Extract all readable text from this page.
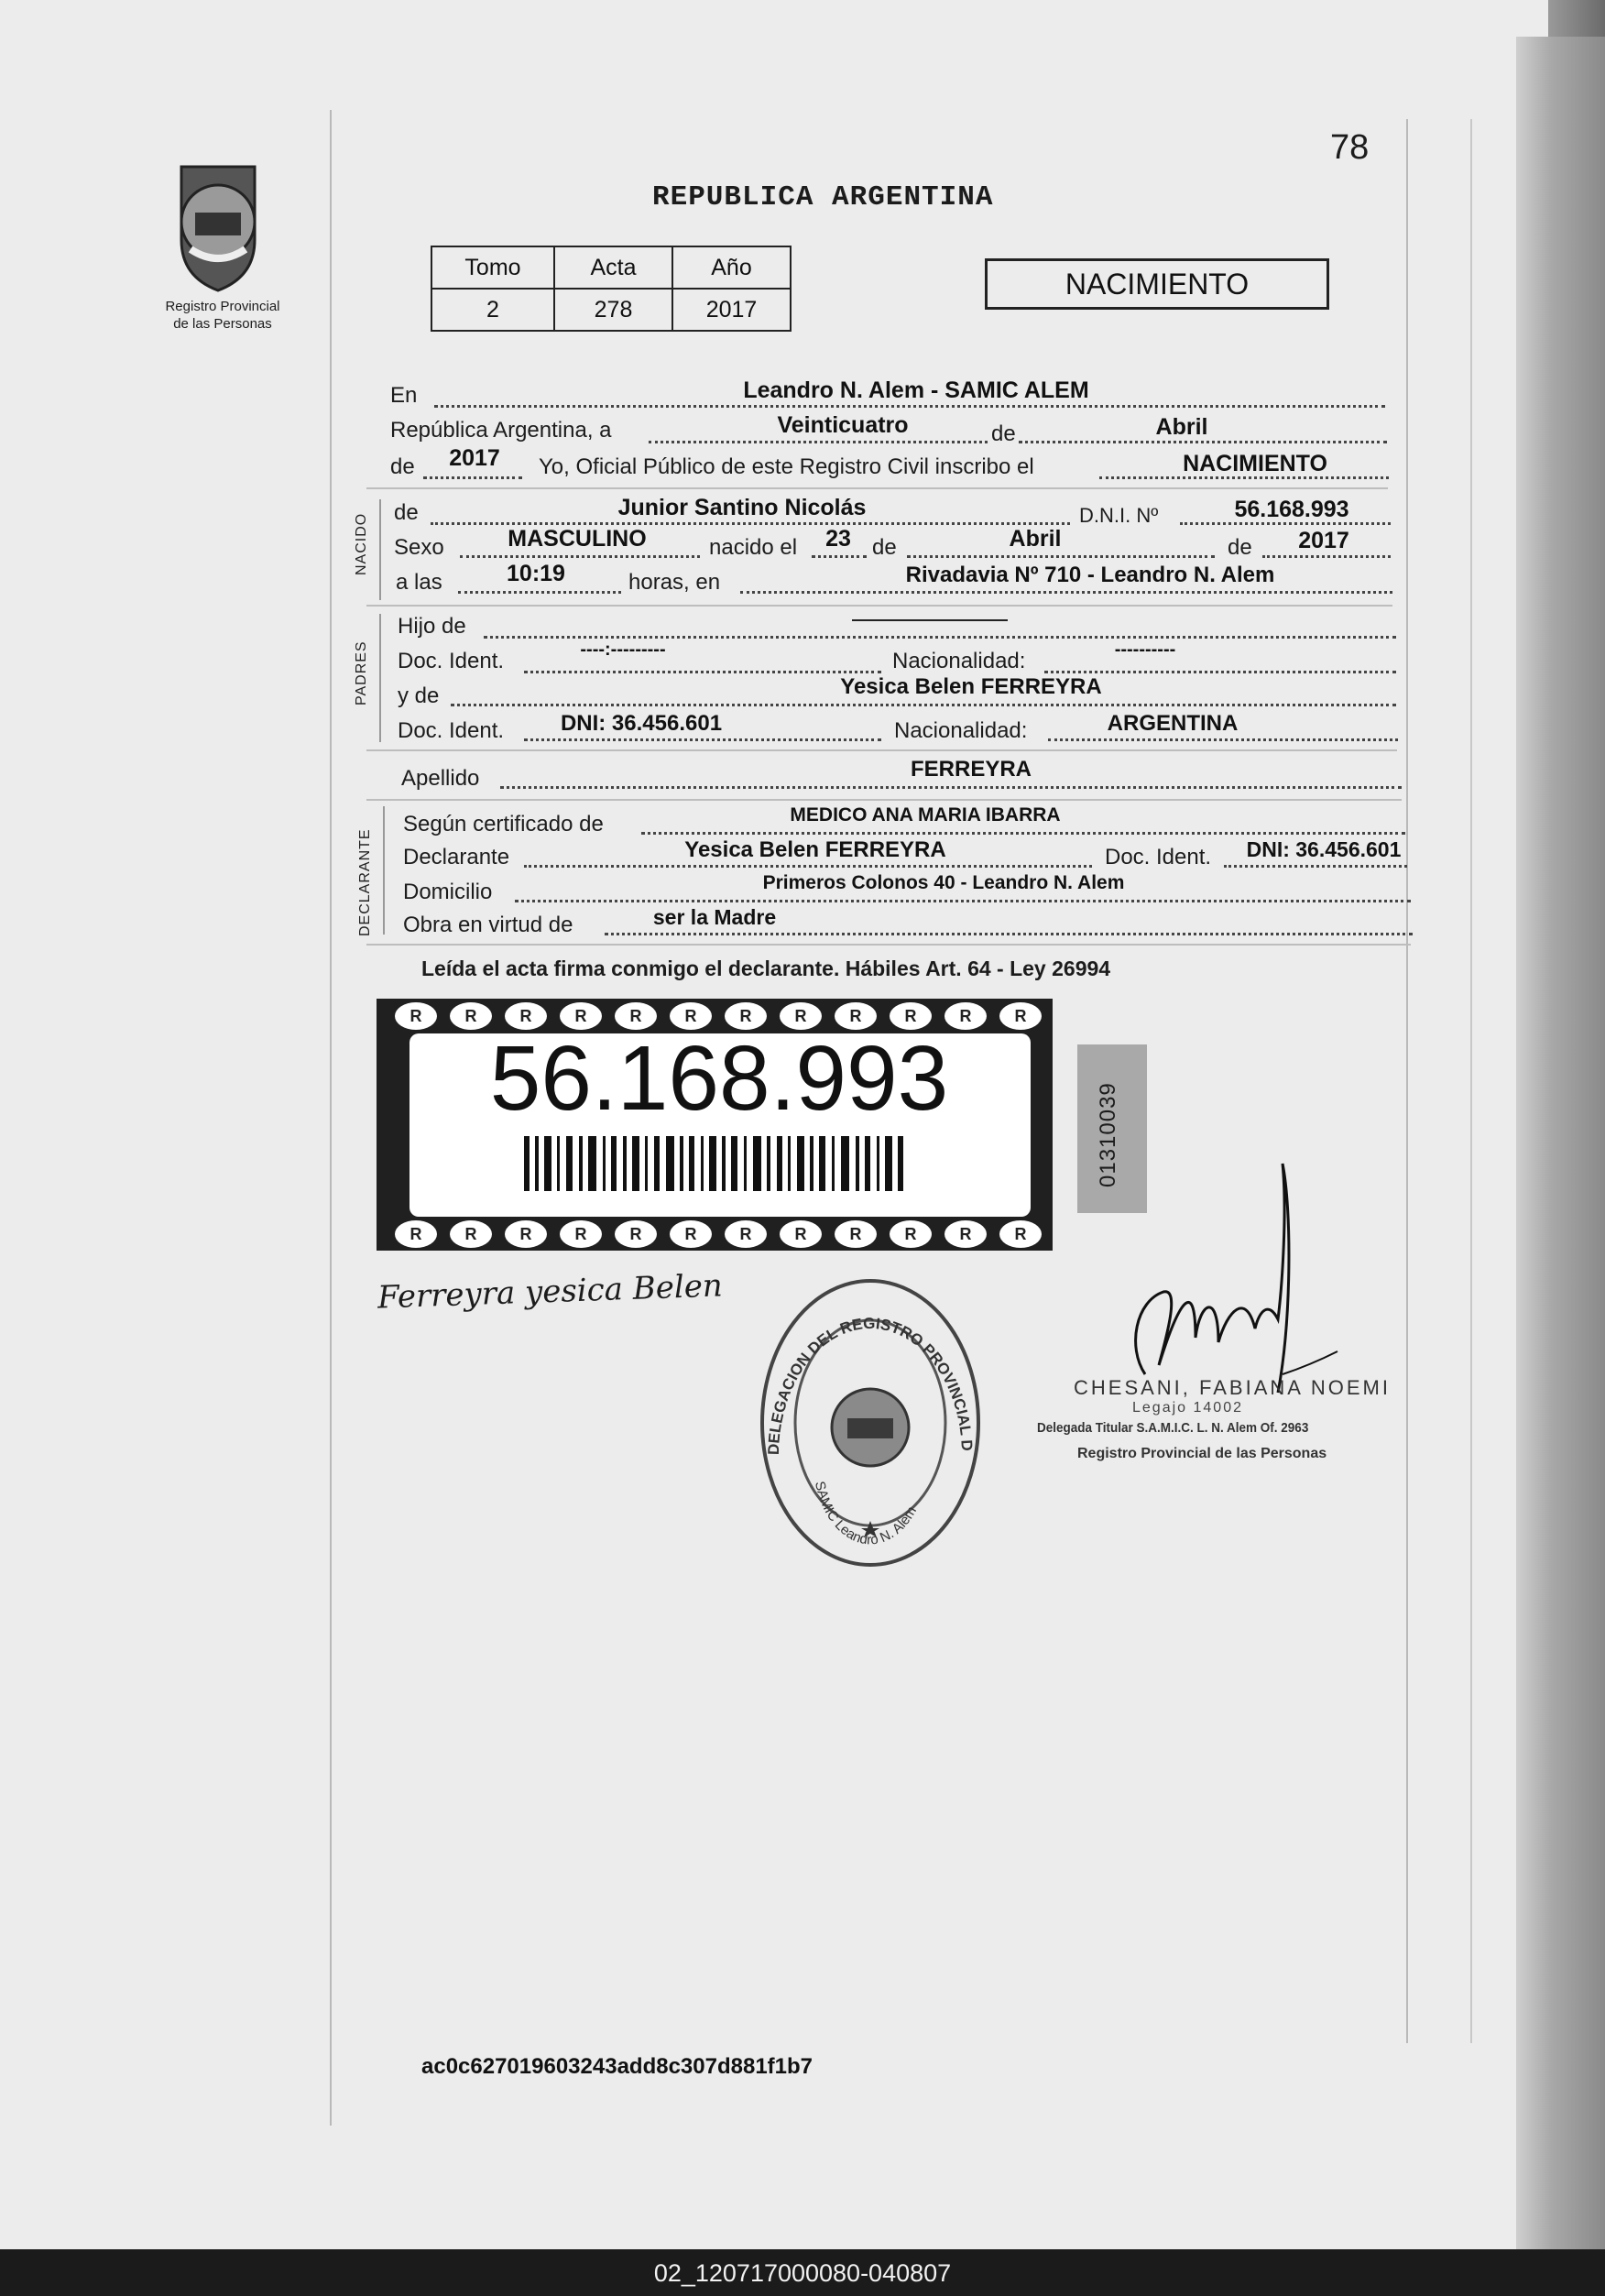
78
REPUBLICA ARGENTINA
Registro Provincial
de las Personas
Tomo	Acta	Año
2	278	2017
NACIMIENTO
En	Leandro N. Alem - SAMIC ALEM
República Argentina, a	Veinticuatro	de	Abril
de	2017	Yo, Oficial Público de este Registro Civil inscribo el	NACIMIENTO
NACIDO
de	Junior Santino Nicolás	D.N.I. Nº	56.168.993
Sexo	MASCULINO	nacido el	23 de	Abril	de	2017
a las	10:19	horas, en	Rivadavia Nº 710 - Leandro N. Alem
PADRES
Hijo de
Doc. Ident.	----:---------	Nacionalidad:	----------
y de	Yesica Belen FERREYRA
Doc. Ident.	DNI: 36.456.601	Nacionalidad:	ARGENTINA
Apellido	FERREYRA
DECLARANTE
Según certificado de	MEDICO ANA MARIA IBARRA
Declarante	Yesica Belen FERREYRA	Doc. Ident.	DNI: 36.456.601
Domicilio	Primeros Colonos 40 - Leandro N. Alem
Obra en virtud de	ser la Madre
Leída el acta firma conmigo el declarante. Hábiles Art. 64 - Ley 26994
R	R	R	R	R	R	R	R	R	R	R	R
R	R	R	R	R	R	R	R	R	R	R	R
56.168.993
01310039
Ferreyra yesica Belen
DELEGACION DEL REGISTRO PROVINCIAL D
SAMIC Leandro N. Alem
CHESANI, FABIANA NOEMI
Legajo 14002
Delegada Titular S.A.M.I.C. L. N. Alem Of. 2963
Registro Provincial de las Personas
ac0c627019603243add8c307d881f1b7
02_120717000080-040807
